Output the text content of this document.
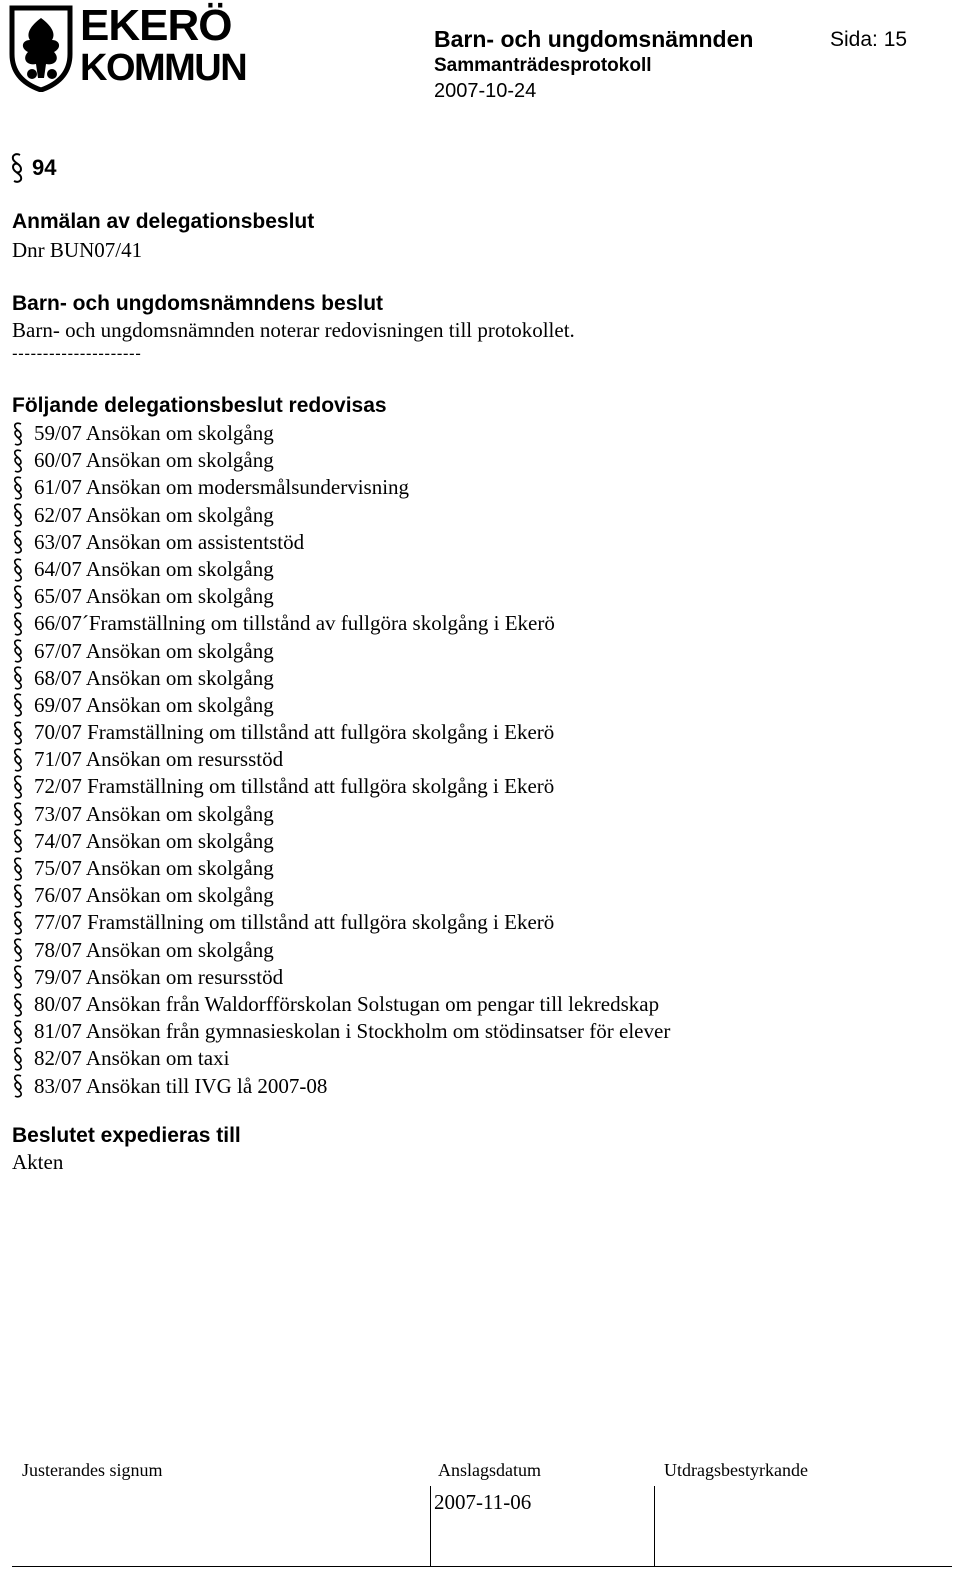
EKERÖ
KOMMUN
Barn- och ungdomsnämnden	Sida: 15
Sammanträdesprotokoll
2007-10-24
94
Anmälan av delegationsbeslut
Dnr BUN07/41
Barn- och ungdomsnämndens beslut
Barn- och ungdomsnämnden noterar redovisningen till protokollet.
---------------------
Följande delegationsbeslut redovisas
59/07 Ansökan om skolgång
60/07 Ansökan om skolgång
61/07 Ansökan om modersmålsundervisning
62/07 Ansökan om skolgång
63/07 Ansökan om assistentstöd
64/07 Ansökan om skolgång
65/07 Ansökan om skolgång
66/07´Framställning om tillstånd av fullgöra skolgång i Ekerö
67/07 Ansökan om skolgång
68/07 Ansökan om skolgång
69/07 Ansökan om skolgång
70/07 Framställning om tillstånd att fullgöra skolgång i Ekerö
71/07 Ansökan om resursstöd
72/07 Framställning om tillstånd att fullgöra skolgång i Ekerö
73/07 Ansökan om skolgång
74/07 Ansökan om skolgång
75/07 Ansökan om skolgång
76/07 Ansökan om skolgång
77/07 Framställning om tillstånd att fullgöra skolgång i Ekerö
78/07 Ansökan om skolgång
79/07 Ansökan om resursstöd
80/07 Ansökan från Waldorfförskolan Solstugan om pengar till lekredskap
81/07 Ansökan från gymnasieskolan i Stockholm om stödinsatser för elever
82/07 Ansökan om taxi
83/07 Ansökan till IVG lå 2007-08
Beslutet expedieras till
Akten
Justerandes signum	Anslagsdatum	Utdragsbestyrkande
2007-11-06
